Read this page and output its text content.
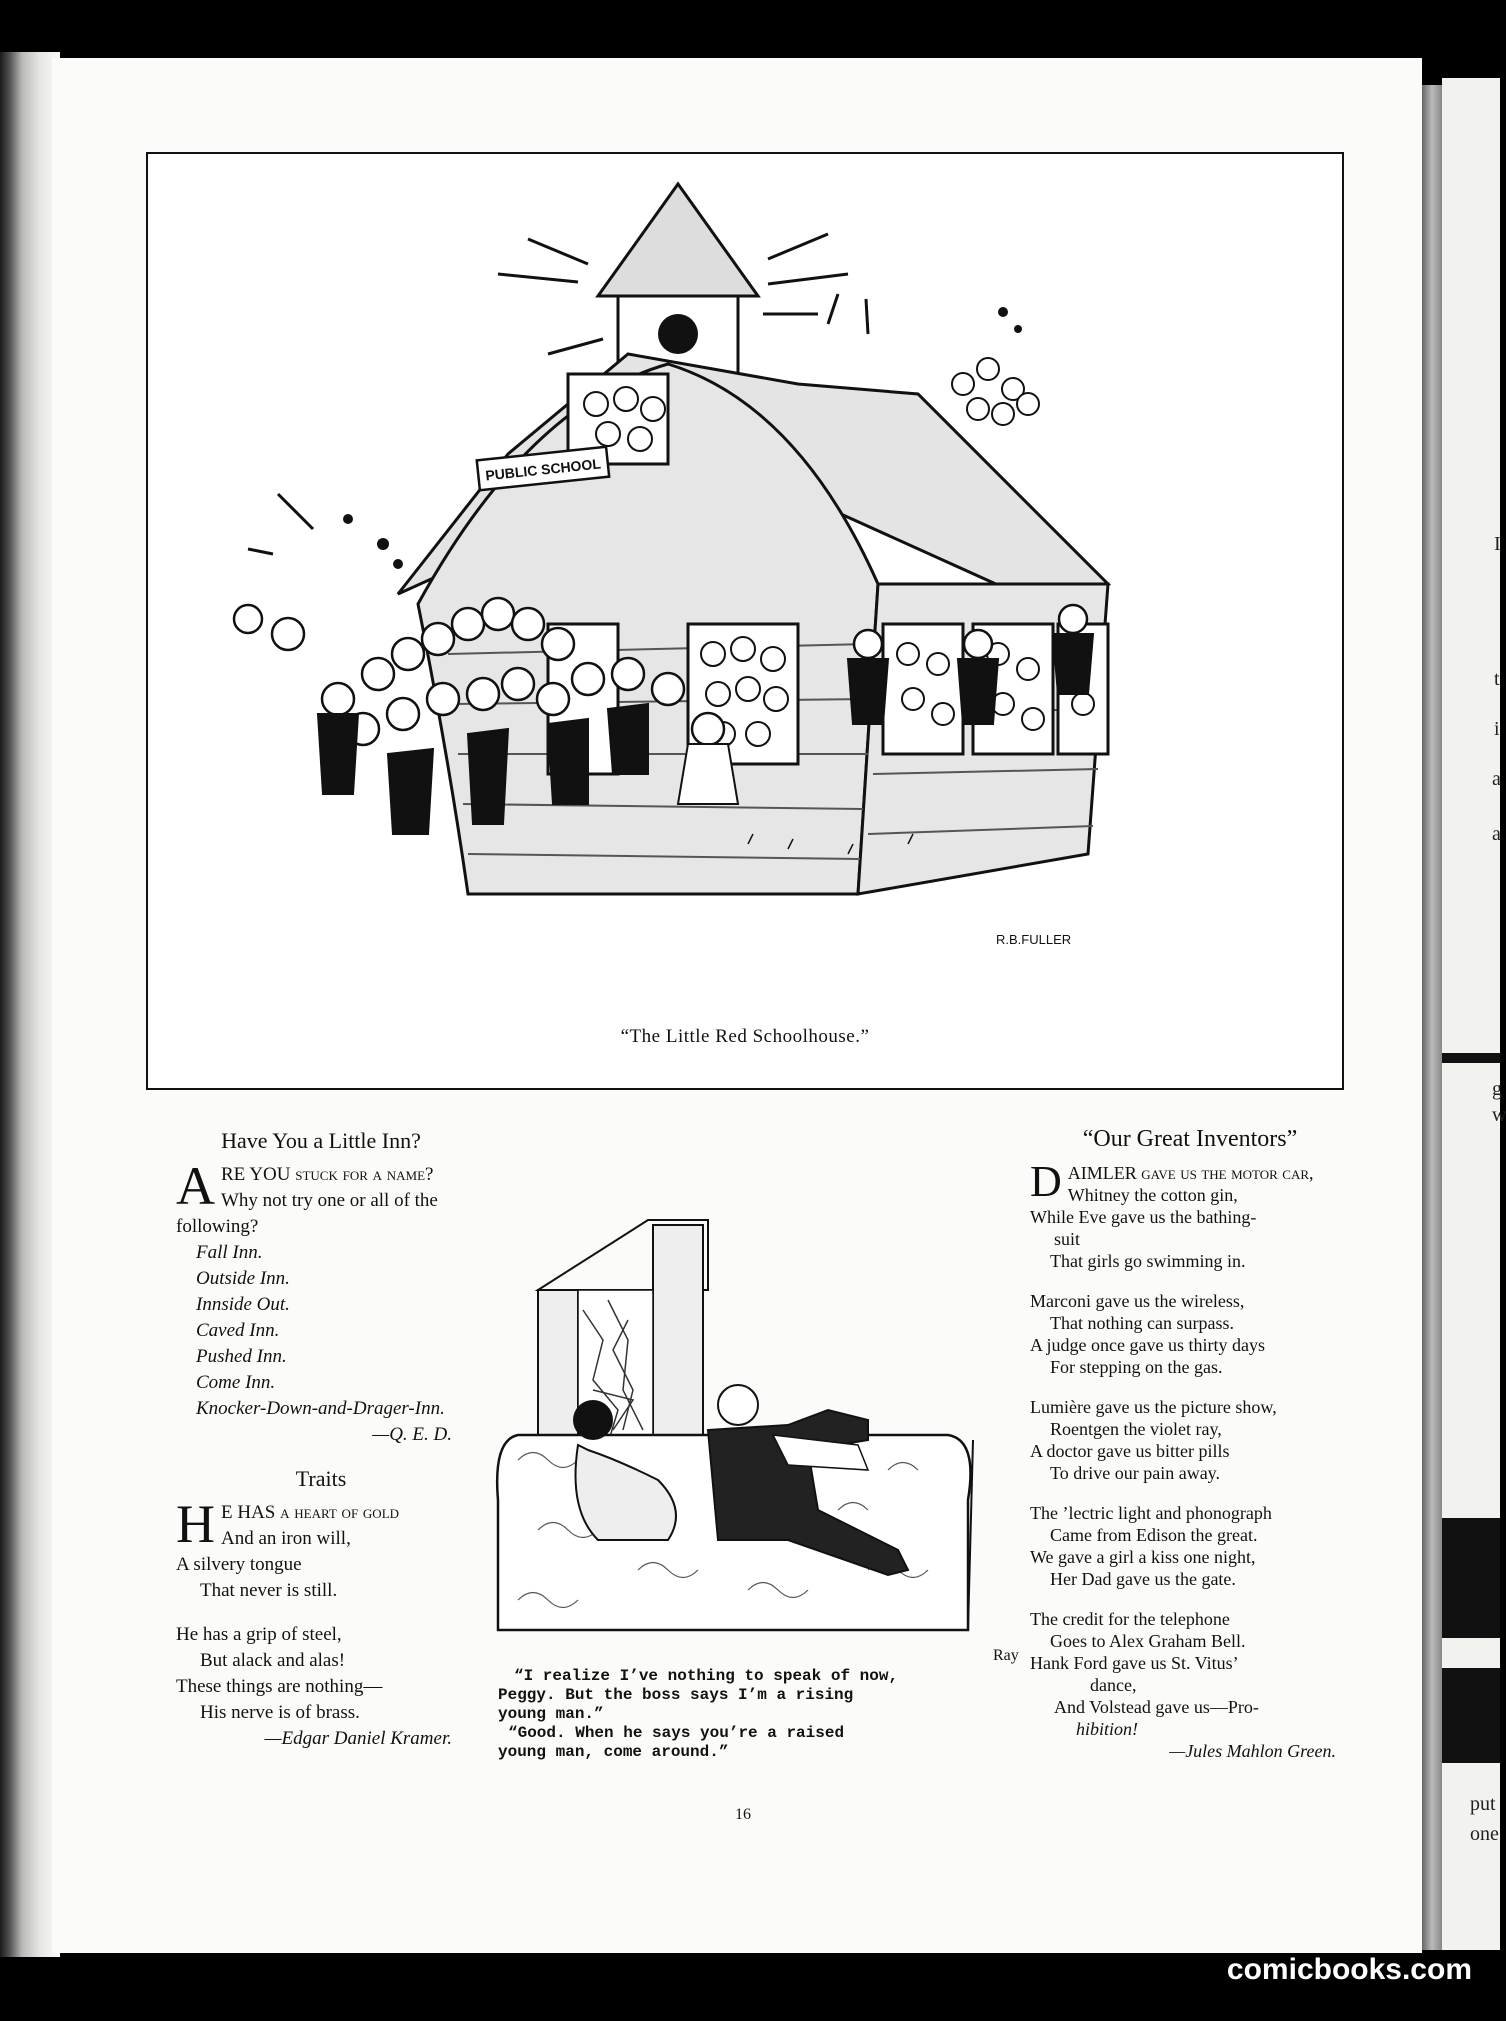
I
t
i
a
a
g
w
put
one
PUBLIC SCHOOL
R.B.FULLER
“The Little Red Schoolhouse.”
Have You a Little Inn?
A RE YOU stuck for a name?
Why not try one or all of the
following?
Fall Inn.
Outside Inn.
Innside Out.
Caved Inn.
Pushed Inn.
Come Inn.
Knocker-Down-and-Drager-Inn.
—Q. E. D.
Traits
H E HAS a heart of gold
And an iron will,
A silvery tongue
That never is still.
He has a grip of steel,
But alack and alas!
These things are nothing—
His nerve is of brass.
—Edgar Daniel Kramer.
Ray
“I realize I’ve nothing to speak of now,
Peggy. But the boss says I’m a rising
young man.”
“Good. When he says you’re a raised
young man, come around.”
“Our Great Inventors”
D AIMLER gave us the motor car,
Whitney the cotton gin,
While Eve gave us the bathing-
suit
That girls go swimming in.
Marconi gave us the wireless,
That nothing can surpass.
A judge once gave us thirty days
For stepping on the gas.
Lumière gave us the picture show,
Roentgen the violet ray,
A doctor gave us bitter pills
To drive our pain away.
The ’lectric light and phonograph
Came from Edison the great.
We gave a girl a kiss one night,
Her Dad gave us the gate.
The credit for the telephone
Goes to Alex Graham Bell.
Hank Ford gave us St. Vitus’
dance,
And Volstead gave us—Pro-
hibition!
—Jules Mahlon Green.
16
comicbooks.com
